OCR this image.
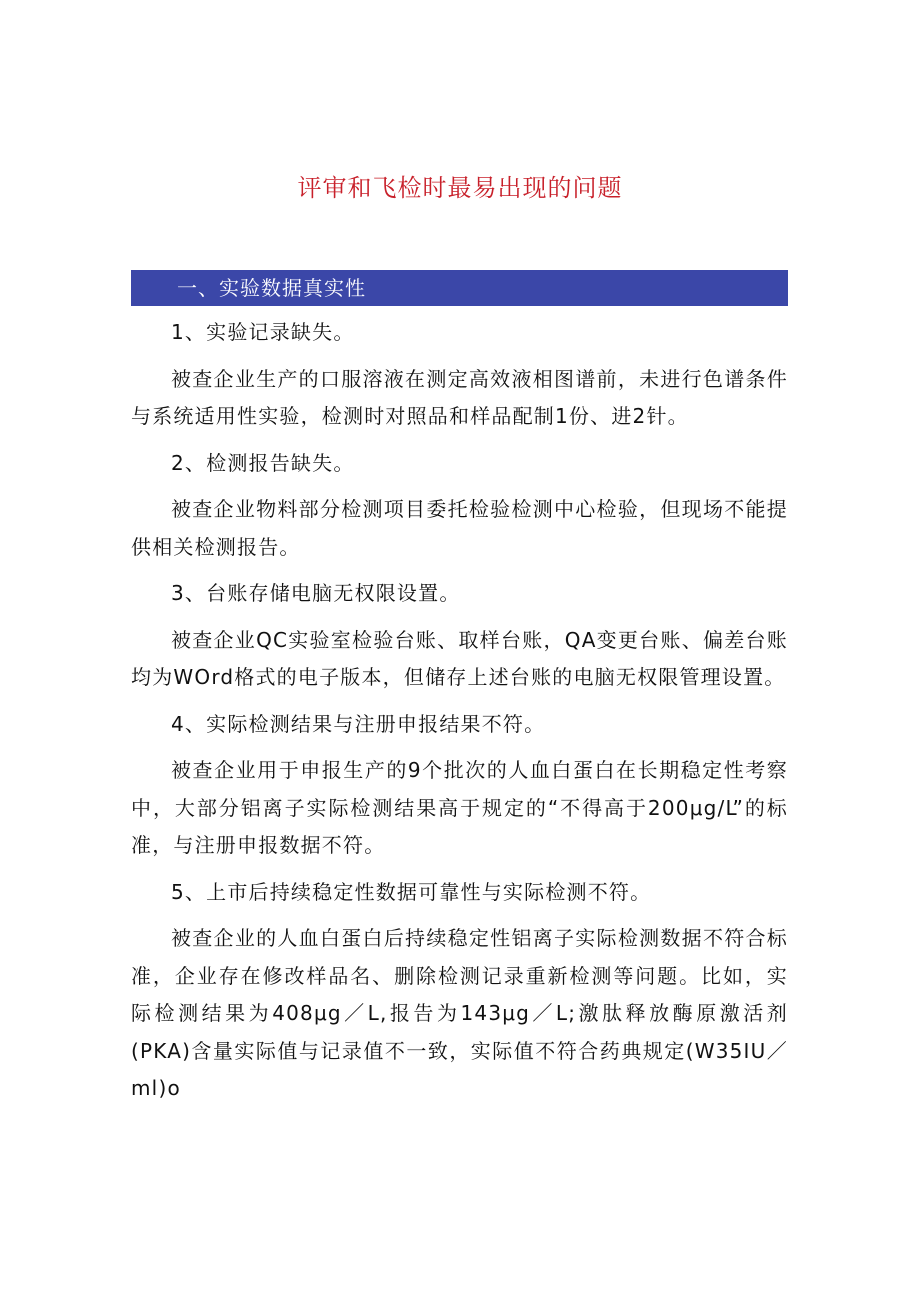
评审和飞检时最易出现的问题
一、实验数据真实性

1、实验记录缺失。

被查企业生产的口服溶液在测定高效液相图谱前，未进行色谱条件与系统适用性实验，检测时对照品和样品配制1份、进2针。

2、检测报告缺失。

被查企业物料部分检测项目委托检验检测中心检验，但现场不能提供相关检测报告。

3、台账存储电脑无权限设置。

被查企业QC实验室检验台账、取样台账，QA变更台账、偏差台账均为WOrd格式的电子版本，但储存上述台账的电脑无权限管理设置。

4、实际检测结果与注册申报结果不符。

被查企业用于申报生产的9个批次的人血白蛋白在长期稳定性考察中，大部分铝离子实际检测结果高于规定的“不得高于200μg/L”的标准，与注册申报数据不符。

5、上市后持续稳定性数据可靠性与实际检测不符。

被查企业的人血白蛋白后持续稳定性铝离子实际检测数据不符合标准，企业存在修改样品名、删除检测记录重新检测等问题。比如，实际检测结果为408μg／L,报告为143μg／L;激肽释放酶原激活剂(PKA)含量实际值与记录值不一致，实际值不符合药典规定(W35IU／ml)o
